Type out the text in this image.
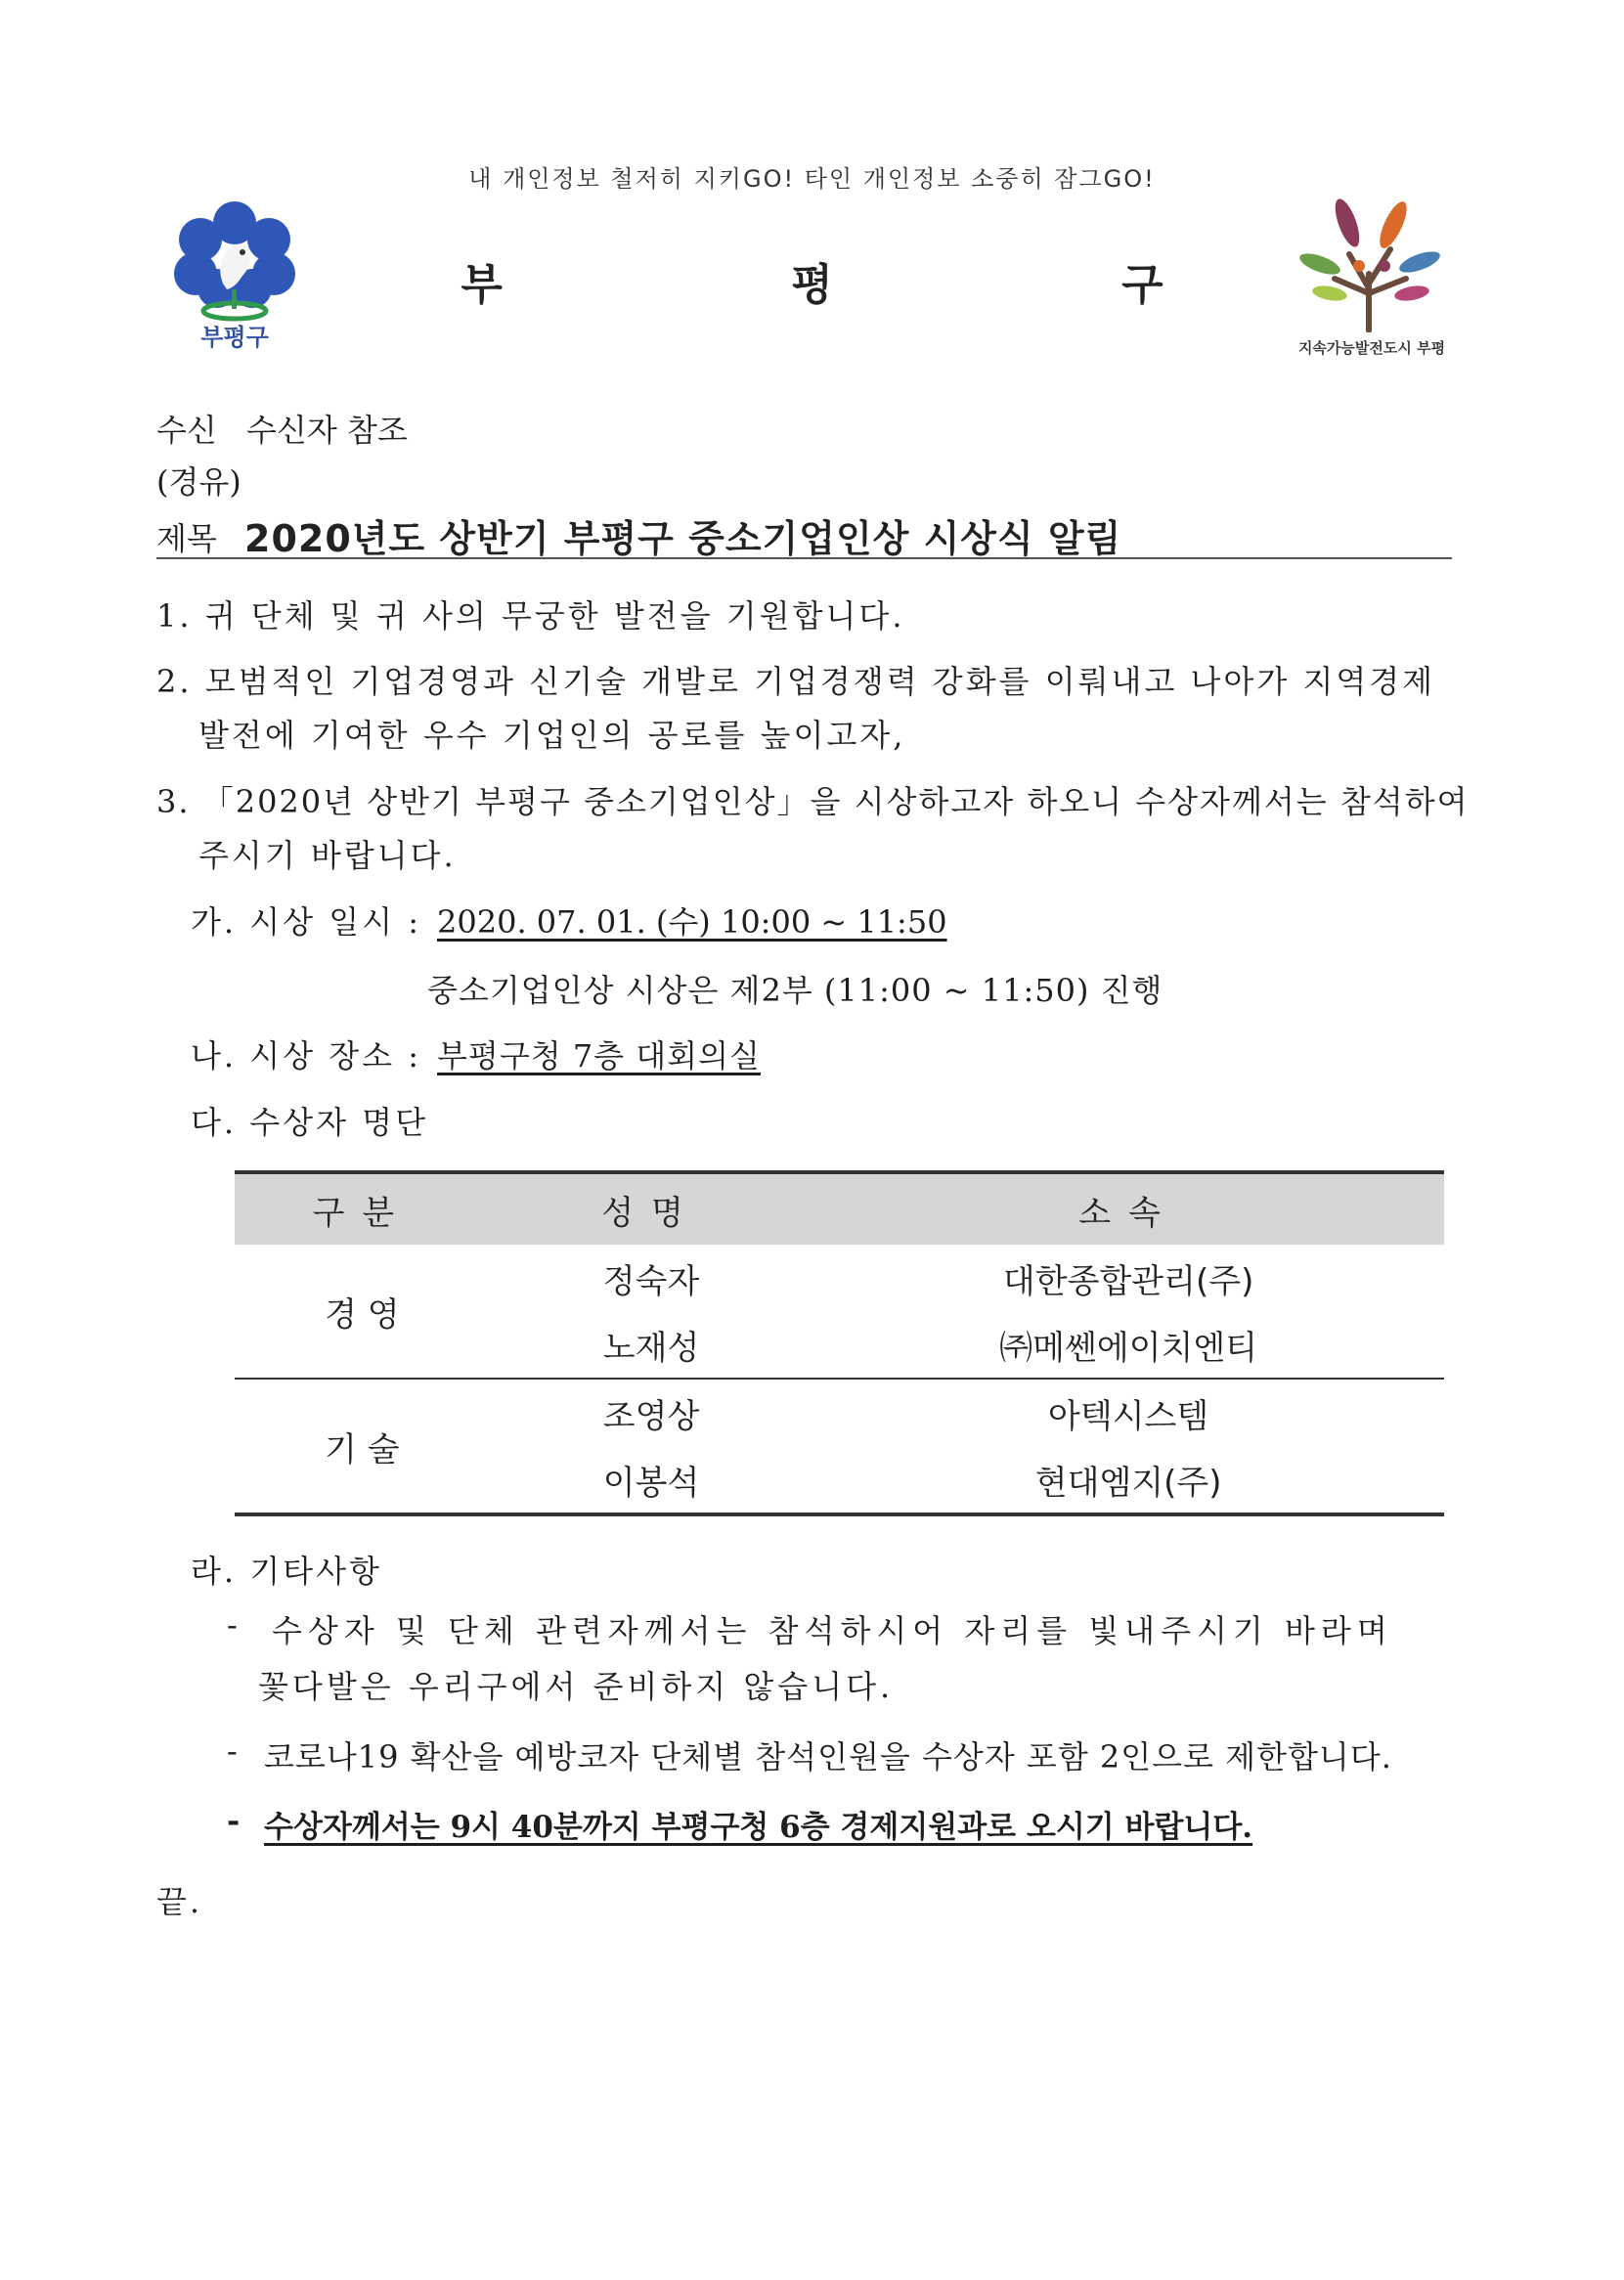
내 개인정보 철저히 지키GO! 타인 개인정보 소중히 잠그GO!
부평구
부 평 구
지속가능발전도시 부평
수신 수신자 참조
(경유)
제목 2020년도 상반기 부평구 중소기업인상 시상식 알림
1. 귀 단체 및 귀 사의 무궁한 발전을 기원합니다.
2. 모범적인 기업경영과 신기술 개발로 기업경쟁력 강화를 이뤄내고 나아가 지역경제
발전에 기여한 우수 기업인의 공로를 높이고자,
3. 「2020년 상반기 부평구 중소기업인상」을 시상하고자 하오니 수상자께서는 참석하여
주시기 바랍니다.
가. 시상 일시 : 2020. 07. 01. (수) 10:00 ~ 11:50
중소기업인상 시상은 제2부 (11:00 ~ 11:50) 진행
나. 시상 장소 : 부평구청 7층 대회의실
다. 수상자 명단
구분	성명	소속
경 영	정숙자	대한종합관리(주)
	노재성	㈜메쎈에이치엔티
기 술	조영상	아텍시스템
	이봉석	현대엠지(주)
라. 기타사항
- 수상자 및 단체 관련자께서는 참석하시어 자리를 빛내주시기 바라며
꽃다발은 우리구에서 준비하지 않습니다.
- 코로나19 확산을 예방코자 단체별 참석인원을 수상자 포함 2인으로 제한합니다.
- 수상자께서는 9시 40분까지 부평구청 6층 경제지원과로 오시기 바랍니다.
끝.
